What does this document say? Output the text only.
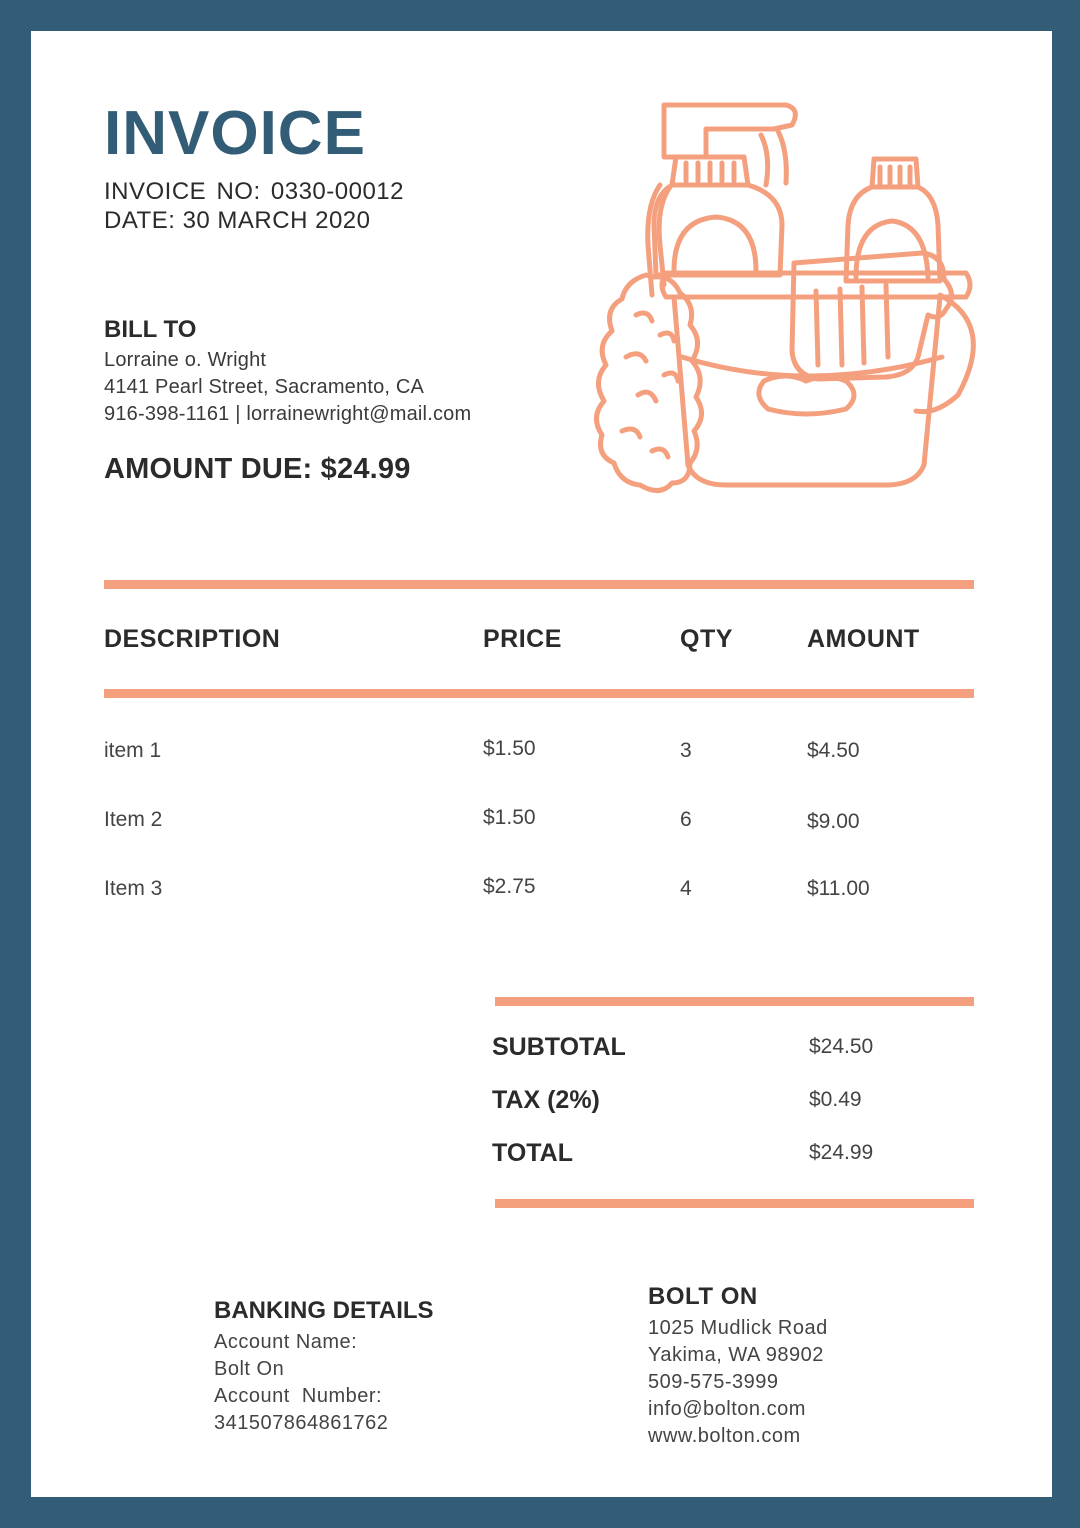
INVOICE
INVOICE NO: 0330-00012 DATE: 30 MARCH 2020
BILL TO
Lorraine o. Wright
4141 Pearl Street, Sacramento, CA
916-398-1161 | lorrainewright@mail.com
AMOUNT DUE: $24.99
DESCRIPTION	PRICE	QTY	AMOUNT
item 1	$1.50	3	$4.50
Item 2	$1.50	6	$9.00
Item 3	$2.75	4	$11.00
SUBTOTAL	$24.50
TAX (2%)	$0.49
TOTAL	$24.99
BANKING DETAILS
Account Name:
Bolt On
Account  Number:
341507864861762
BOLT ON
1025 Mudlick Road
Yakima, WA 98902
509-575-3999
info@bolton.com
www.bolton.com
